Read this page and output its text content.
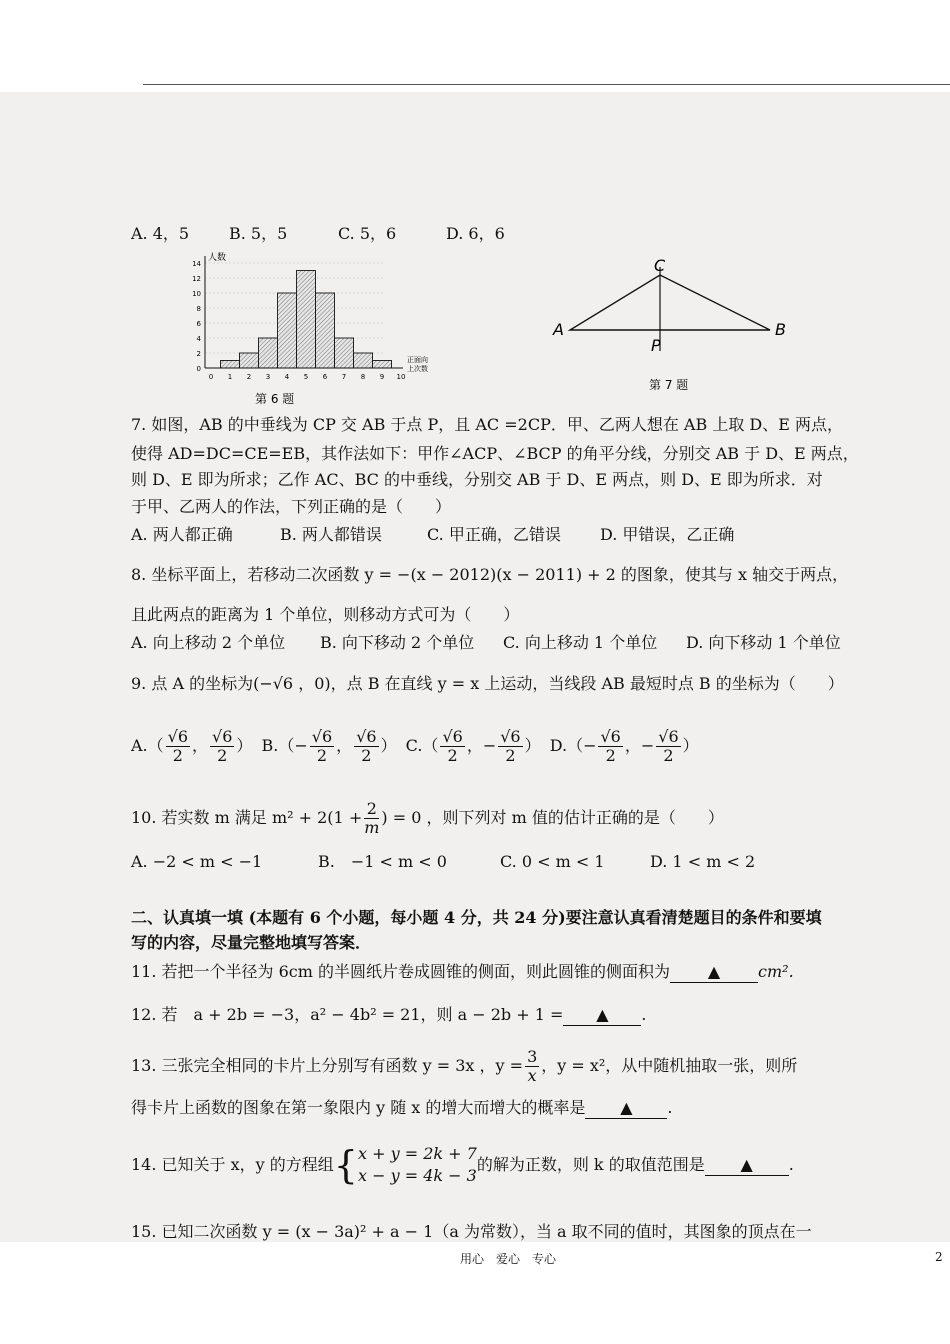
A. 4，5 B. 5，5	C. 5，6	D. 6，6
0
2
4
6
8
10
12
14
0 1 2 3 4 5 6 7 8 9 10
人数
正面向
上次数
第 6 题
A	B
C
P
第 7 题
7. 如图，AB 的中垂线为 CP 交 AB 于点 P，且 AC =2CP．甲、乙两人想在 AB 上取 D、E 两点，
使得 AD=DC=CE=EB，其作法如下：甲作∠ACP、∠BCP 的角平分线，分别交 AB 于 D、E 两点，
则 D、E 即为所求；乙作 AC、BC 的中垂线，分别交 AB 于 D、E 两点，则 D、E 即为所求．对
于甲、乙两人的作法，下列正确的是（　　）
A. 两人都正确	B. 两人都错误	C. 甲正确，乙错误 D. 甲错误，乙正确
8. 坐标平面上，若移动二次函数 y = −(x − 2012)(x − 2011) + 2 的图象，使其与 x 轴交于两点，
且此两点的距离为 1 个单位，则移动方式可为（　　）
A. 向上移动 2 个单位 B. 向下移动 2 个单位 C. 向上移动 1 个单位 D. 向下移动 1 个单位
9. 点 A 的坐标为(−√6 ，0)，点 B 在直线 y = x 上运动，当线段 AB 最短时点 B 的坐标为（　　）
$A.( \frac{√6}{2}$ ， $\frac{√6}{2}$ ） $B.(- \frac{√6}{2}$ ， $\frac{√6}{2}$ ） $C.( \frac{√6}{2}$ ，− $\frac{√6}{2}$ ） $D.(- \frac{√6}{2}$ ，− $\frac{√6}{2}$ ）
10. 若实数 m 满足 $m^2 + 2(1 + \frac{2}{m}$ ) = 0 ，则下列对 m 值的估计正确的是（　　）
A. −2 < m < −1	B.　−1 < m < 0	C. 0 < m < 1	D. 1 < m < 2
二、认真填一填 (本题有 6 个小题，每小题 4 分，共 24 分)要注意认真看清楚题目的条件和要填
写的内容，尽量完整地填写答案．
11. 若把一个半径为 6cm 的半圆纸片卷成圆锥的侧面，则此圆锥的侧面积为 ▲ cm².
12. 若　a + 2b = −3，a² − 4b² = 21，则 a − 2b + 1 = ▲ .
13. 三张完全相同的卡片上分别写有函数 y = 3x ，$y = \frac{3}{x}$ ，y = x²，从中随机抽取一张，则所
得卡片上函数的图象在第一象限内 y 随 x 的增大而增大的概率是 ▲ .
14. 已知关于 x，y 的方程组{ x + y = 2k + 7
x − y = 4k − 3
的解为正数，则 k 的取值范围是 ▲ .
15. 已知二次函数 y = (x − 3a)² + a − 1（a 为常数），当 a 取不同的值时，其图象的顶点在一
用心　爱心　专心	2
